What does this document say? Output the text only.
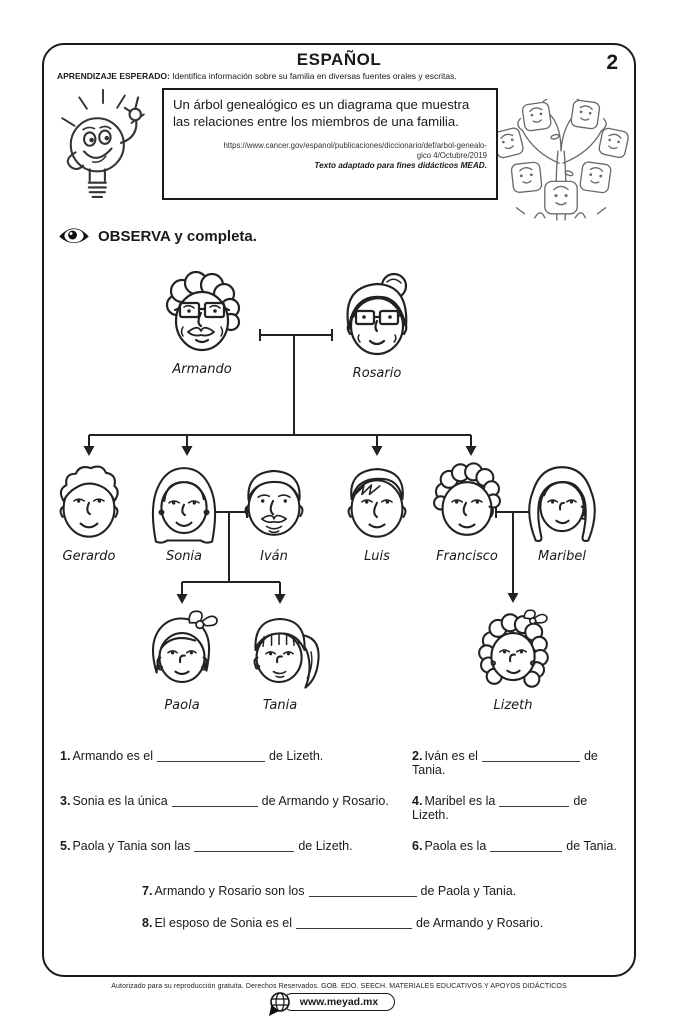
ESPAÑOL	2
APRENDIZAJE ESPERADO: Identifica información sobre su familia en diversas fuentes orales y escritas.
Un árbol genealógico es un diagrama que muestra las relaciones entre los miembros de una familia.
https://www.cancer.gov/espanol/publicaciones/diccionario/def/arbol-genealo-
gico 4/Octubre/2019
Texto adaptado para fines didácticos MEAD.
OBSERVA y completa.
Armando	Rosario
Gerardo	Sonia	Iván	Luis	Francisco	Maribel
Paola	Tania	Lizeth
1. Armando es el	de Lizeth.	2. Iván es el	de Tania.
3. Sonia es la única	de Armando y Rosario.	4. Maribel es la	de Lizeth.
5. Paola y Tania son las	de Lizeth.	6. Paola es la	de Tania.
7. Armando y Rosario son los	de Paola y Tania.
8. El esposo de Sonia es el	de Armando y Rosario.
Autorizado para su reproducción gratuita. Derechos Reservados. GOB. EDO. SEECH. MATERIALES EDUCATIVOS Y APOYOS DIDÁCTICOS
www.meyad.mx
